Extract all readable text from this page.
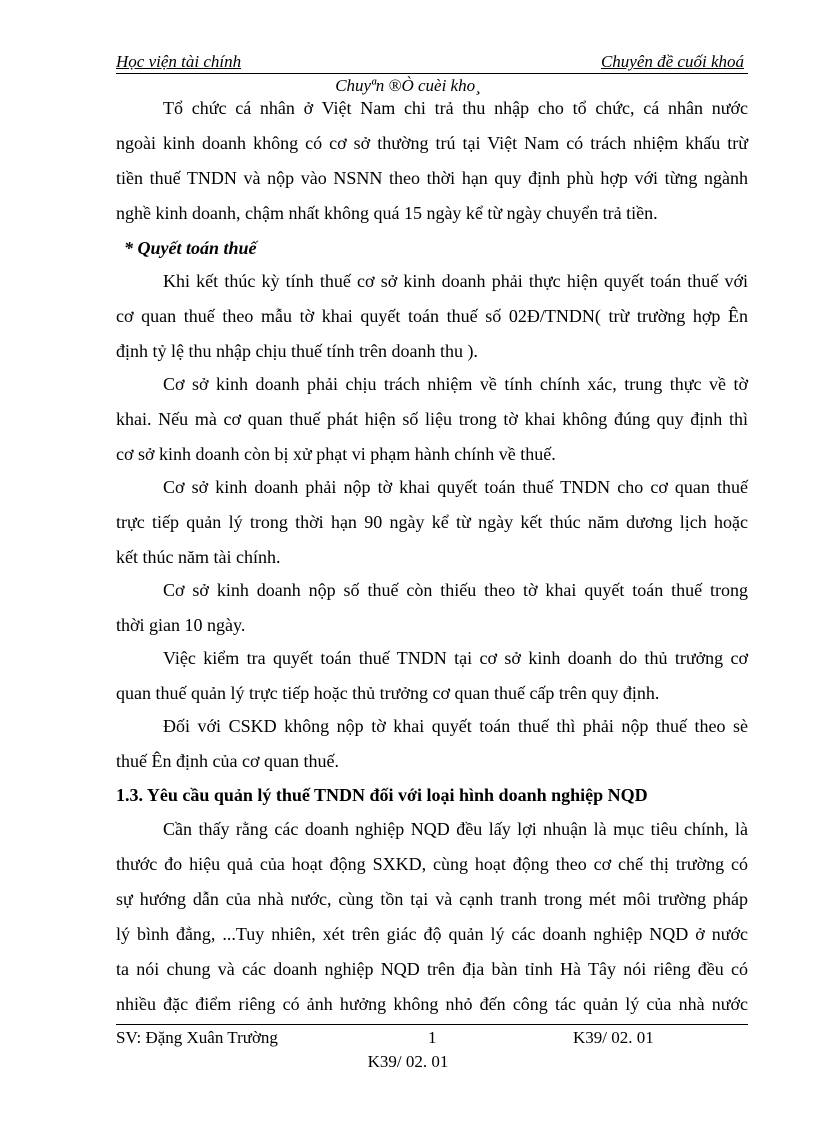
Học viện tài chính	Chuyên đề cuối khoá
Chuyªn ®Ò cuèi kho¸
Tổ chức cá nhân ở Việt Nam chi trả thu nhập cho tổ chức, cá nhân nước
ngoài kinh doanh không có cơ sở thường trú tại Việt Nam có trách nhiệm khấu trừ
tiền thuế TNDN và nộp vào NSNN theo thời hạn quy định phù hợp với từng ngành
nghề kinh doanh, chậm nhất không quá 15 ngày kể từ ngày chuyển trả tiền.
* Quyết toán thuế
Khi kết thúc kỳ tính thuế cơ sở kinh doanh phải thực hiện quyết toán thuế với
cơ quan thuế theo mẫu tờ khai quyết toán thuế số 02Đ/TNDN( trừ trường hợp Ên
định tỷ lệ thu nhập chịu thuế tính trên doanh thu ).
Cơ sở kinh doanh phải chịu trách nhiệm về tính chính xác, trung thực về tờ
khai. Nếu mà cơ quan thuế phát hiện số liệu trong tờ khai không đúng quy định thì
cơ sở kinh doanh còn bị xử phạt vi phạm hành chính về thuế.
Cơ sở kinh doanh phải nộp tờ khai quyết toán thuế TNDN cho cơ quan thuế
trực tiếp quản lý trong thời hạn 90 ngày kể từ ngày kết thúc năm dương lịch hoặc
kết thúc năm tài chính.
Cơ sở kinh doanh nộp số thuế còn thiếu theo tờ khai quyết toán thuế trong
thời gian 10 ngày.
Việc kiểm tra quyết toán thuế TNDN tại cơ sở kinh doanh do thủ trưởng cơ
quan thuế quản lý trực tiếp hoặc thủ trưởng cơ quan thuế cấp trên quy định.
Đối với CSKD không nộp tờ khai quyết toán thuế thì phải nộp thuế theo sè
thuế Ên định của cơ quan thuế.
1.3. Yêu cầu quản lý thuế TNDN đối với loại hình doanh nghiệp NQD
Cần thấy rằng các doanh nghiệp NQD đều lấy lợi nhuận là mục tiêu chính, là
thước đo hiệu quả của hoạt động SXKD, cùng hoạt động theo cơ chế thị trường có
sự hướng dẫn của nhà nước, cùng tồn tại và cạnh tranh trong mét môi trường pháp
lý bình đẳng, ...Tuy nhiên, xét trên giác độ quản lý các doanh nghiệp NQD ở nước
ta nói chung và các doanh nghiệp NQD trên địa bàn tỉnh Hà Tây nói riêng đều có
nhiều đặc điểm riêng có ảnh hưởng không nhỏ đến công tác quản lý của nhà nước
SV: Đặng Xuân Trường	1	K39/ 02. 01
K39/ 02. 01
